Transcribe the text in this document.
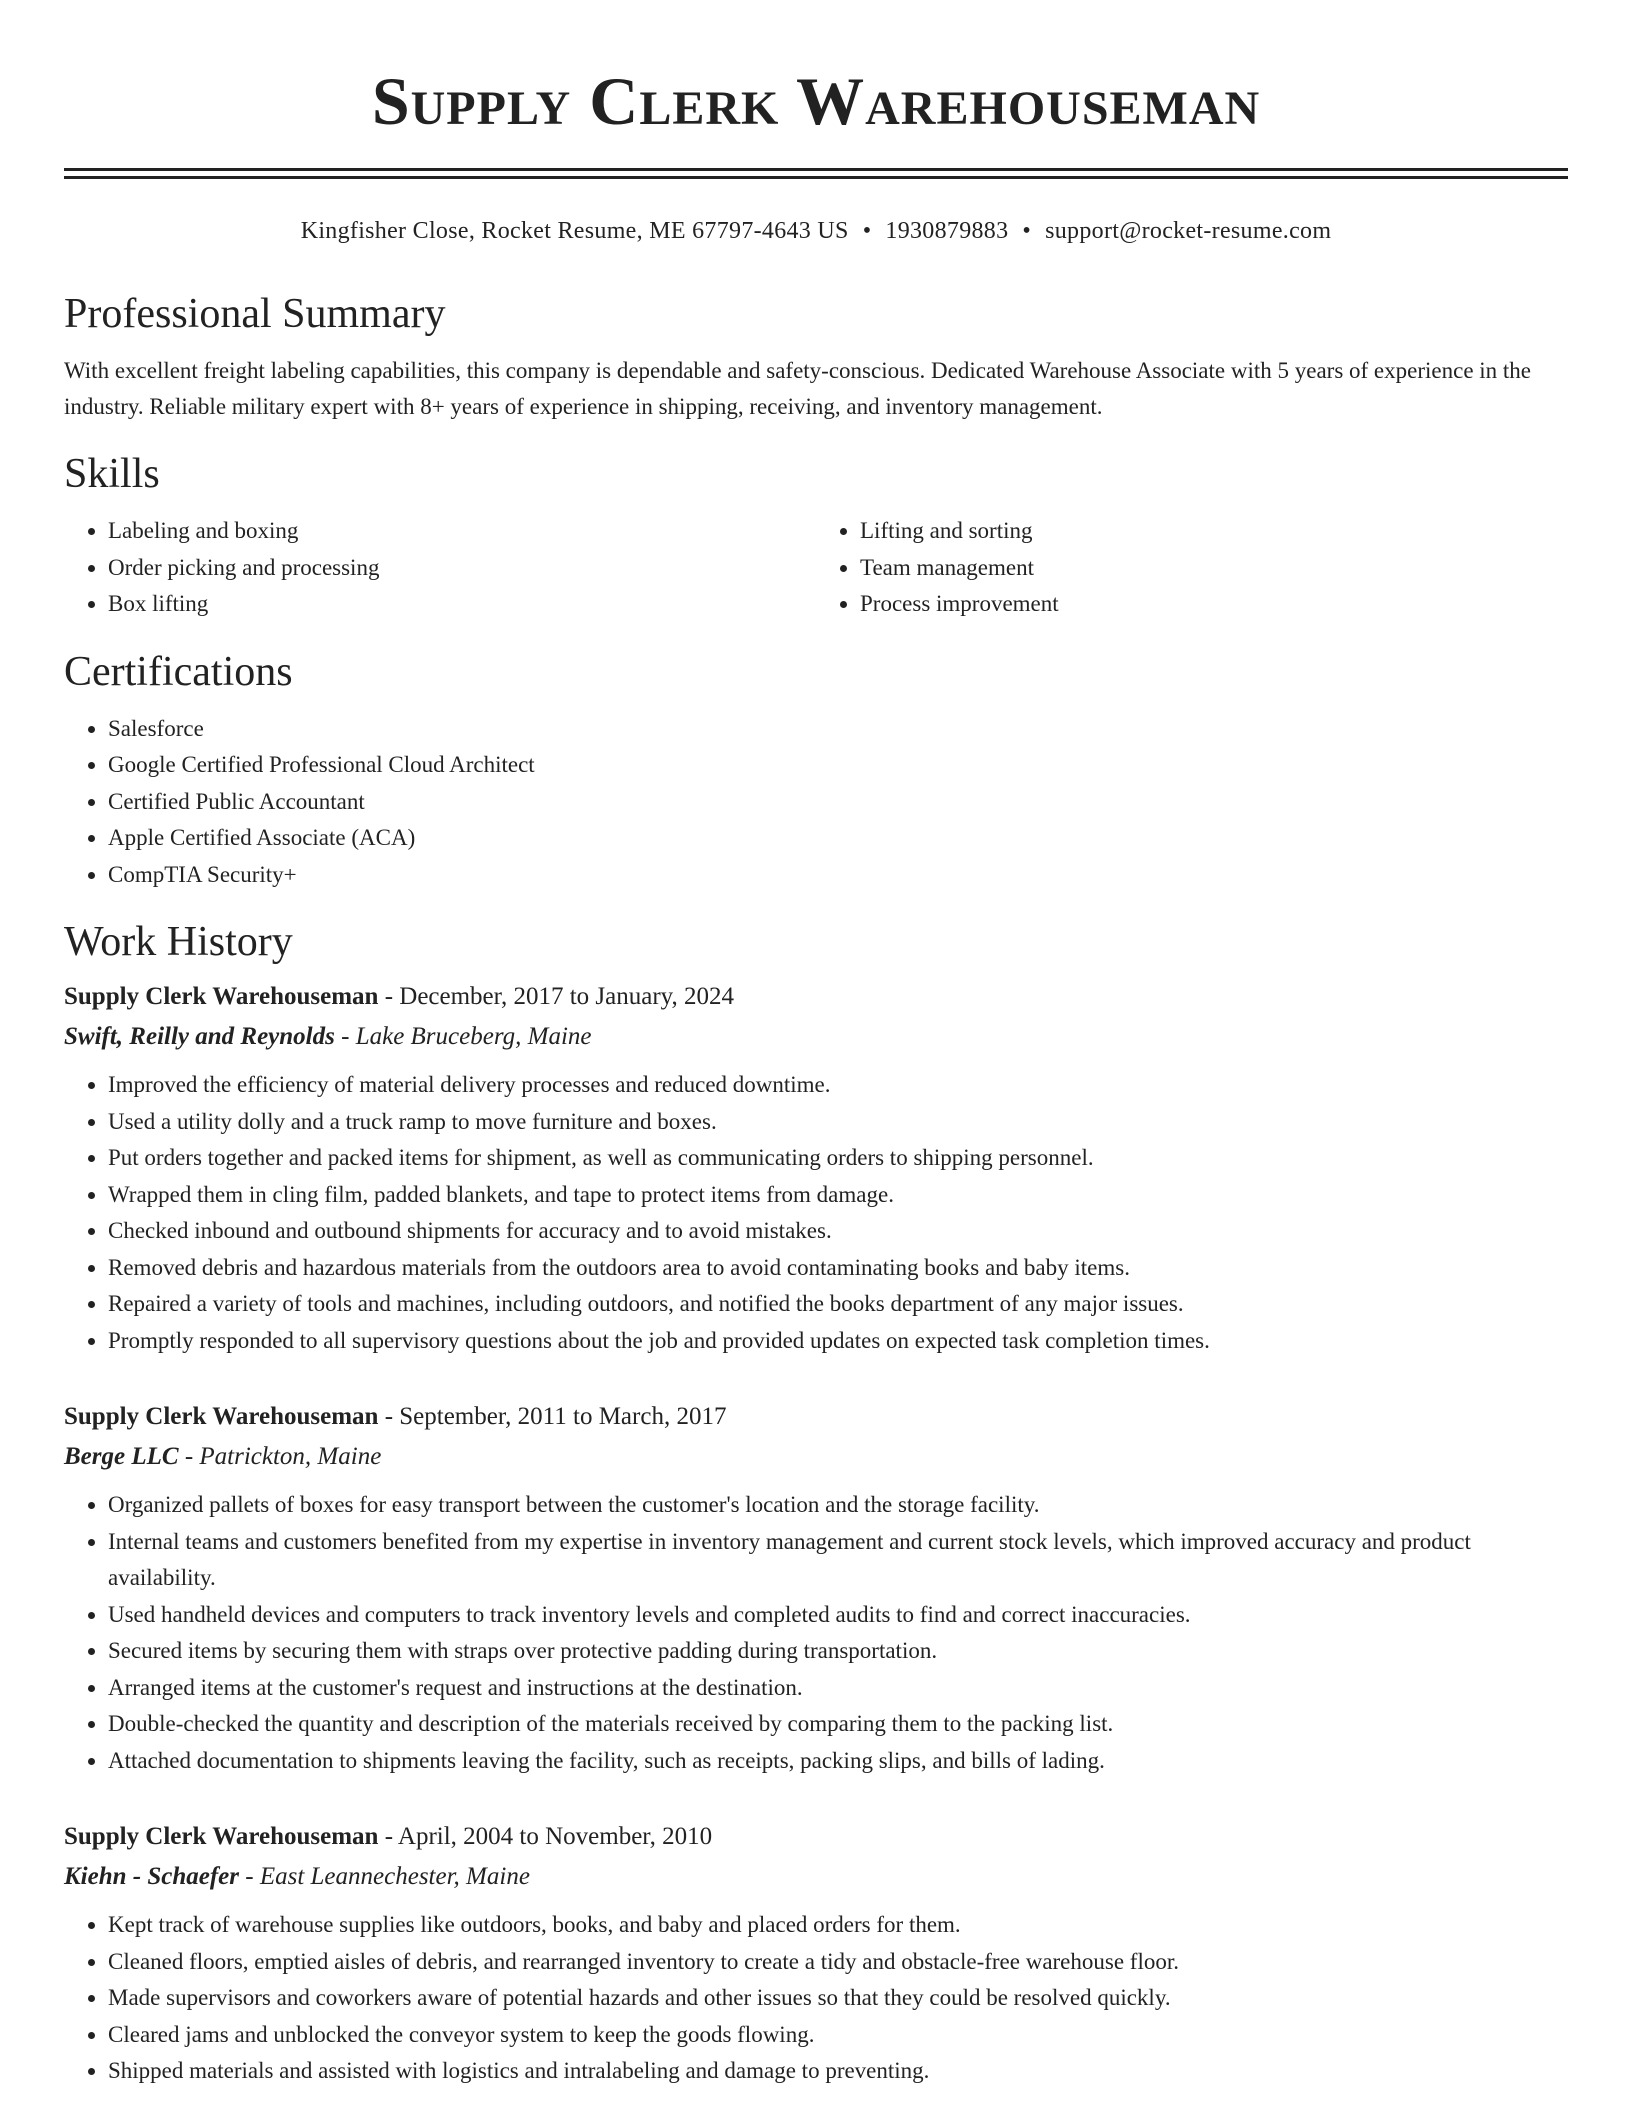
Supply Clerk Warehouseman
Kingfisher Close, Rocket Resume, ME 67797-4643 US • 1930879883 • support@rocket-resume.com
Professional Summary
With excellent freight labeling capabilities, this company is dependable and safety-conscious. Dedicated Warehouse Associate with 5 years of experience in the industry. Reliable military expert with 8+ years of experience in shipping, receiving, and inventory management.
Skills
• Labeling and boxing
• Order picking and processing
• Box lifting
• Lifting and sorting
• Team management
• Process improvement
Certifications
• Salesforce
• Google Certified Professional Cloud Architect
• Certified Public Accountant
• Apple Certified Associate (ACA)
• CompTIA Security+
Work History
Supply Clerk Warehouseman - December, 2017 to January, 2024
Swift, Reilly and Reynolds - Lake Bruceberg, Maine
• Improved the efficiency of material delivery processes and reduced downtime.
• Used a utility dolly and a truck ramp to move furniture and boxes.
• Put orders together and packed items for shipment, as well as communicating orders to shipping personnel.
• Wrapped them in cling film, padded blankets, and tape to protect items from damage.
• Checked inbound and outbound shipments for accuracy and to avoid mistakes.
• Removed debris and hazardous materials from the outdoors area to avoid contaminating books and baby items.
• Repaired a variety of tools and machines, including outdoors, and notified the books department of any major issues.
• Promptly responded to all supervisory questions about the job and provided updates on expected task completion times.
Supply Clerk Warehouseman - September, 2011 to March, 2017
Berge LLC - Patrickton, Maine
• Organized pallets of boxes for easy transport between the customer's location and the storage facility.
• Internal teams and customers benefited from my expertise in inventory management and current stock levels, which improved accuracy and product availability.
• Used handheld devices and computers to track inventory levels and completed audits to find and correct inaccuracies.
• Secured items by securing them with straps over protective padding during transportation.
• Arranged items at the customer's request and instructions at the destination.
• Double-checked the quantity and description of the materials received by comparing them to the packing list.
• Attached documentation to shipments leaving the facility, such as receipts, packing slips, and bills of lading.
Supply Clerk Warehouseman - April, 2004 to November, 2010
Kiehn - Schaefer - East Leannechester, Maine
• Kept track of warehouse supplies like outdoors, books, and baby and placed orders for them.
• Cleaned floors, emptied aisles of debris, and rearranged inventory to create a tidy and obstacle-free warehouse floor.
• Made supervisors and coworkers aware of potential hazards and other issues so that they could be resolved quickly.
• Cleared jams and unblocked the conveyor system to keep the goods flowing.
• Shipped materials and assisted with logistics and intralabeling and damage to preventing.
